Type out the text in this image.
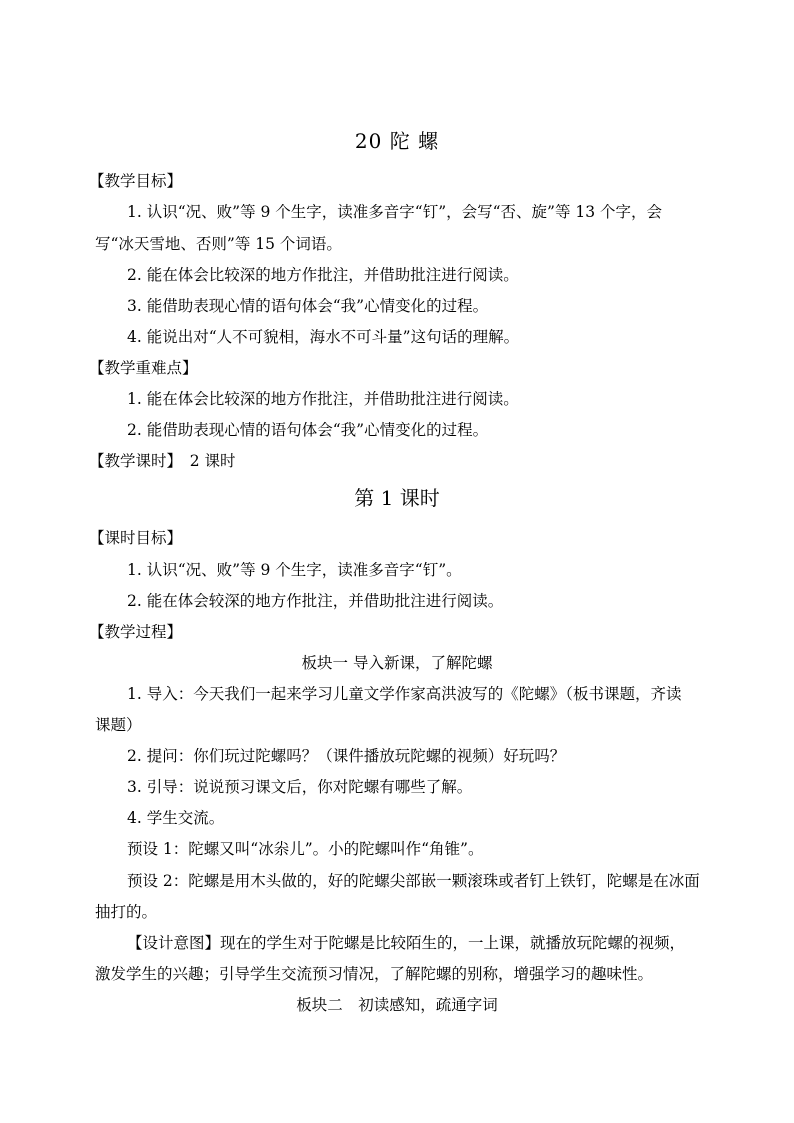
20 陀 螺
【教学目标】
1. 认识“况、败”等 9 个生字，读准多音字“钉”，会写“否、旋”等 13 个字，会
写“冰天雪地、否则”等 15 个词语。
2. 能在体会比较深的地方作批注，并借助批注进行阅读。
3. 能借助表现心情的语句体会“我”心情变化的过程。
4. 能说出对“人不可貌相，海水不可斗量”这句话的理解。
【教学重难点】
1. 能在体会比较深的地方作批注，并借助批注进行阅读。
2. 能借助表现心情的语句体会“我”心情变化的过程。
【教学课时】　2 课时
第 1 课时
【课时目标】
1. 认识“况、败”等 9 个生字，读准多音字“钉”。
2. 能在体会较深的地方作批注，并借助批注进行阅读。
【教学过程】
板块一 导入新课，了解陀螺
1. 导入：今天我们一起来学习儿童文学作家高洪波写的《陀螺》（板书课题，齐读
课题）
2. 提问：你们玩过陀螺吗？（课件播放玩陀螺的视频）好玩吗？
3. 引导：说说预习课文后，你对陀螺有哪些了解。
4. 学生交流。
预设 1：陀螺又叫“冰尜儿”。小的陀螺叫作“角锥”。
预设 2：陀螺是用木头做的，好的陀螺尖部嵌一颗滚珠或者钉上铁钉，陀螺是在冰面
抽打的。
【设计意图】现在的学生对于陀螺是比较陌生的，一上课，就播放玩陀螺的视频，
激发学生的兴趣；引导学生交流预习情况，了解陀螺的别称，增强学习的趣味性。
板块二　初读感知，疏通字词
